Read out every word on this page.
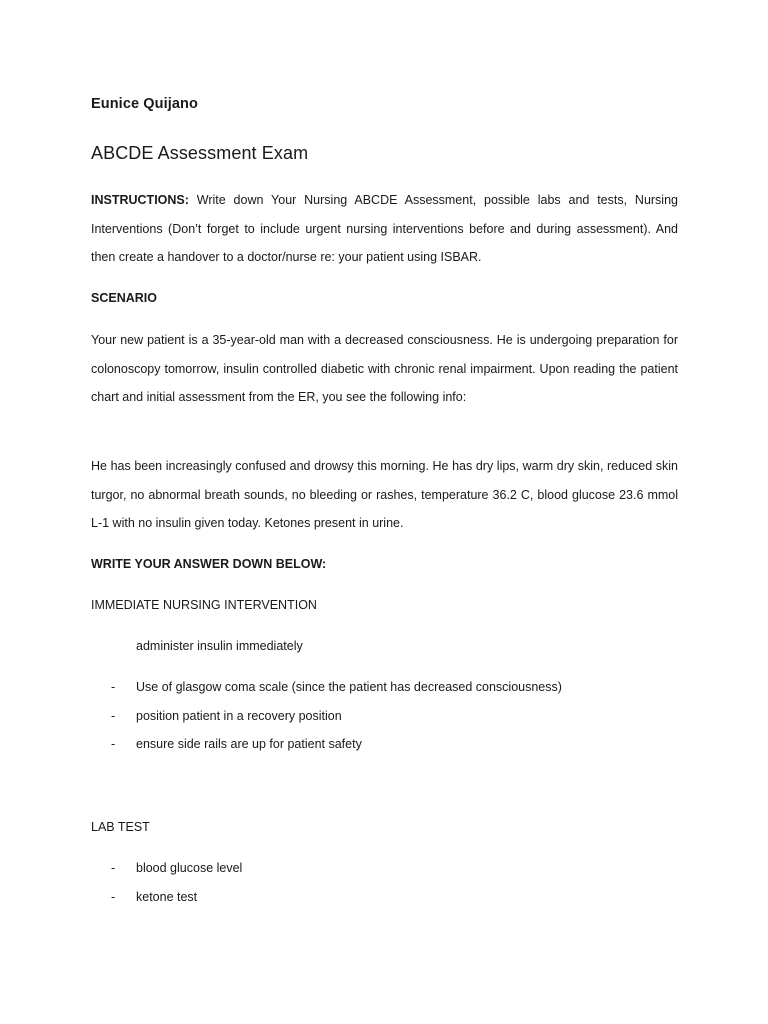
Eunice Quijano
ABCDE Assessment Exam
INSTRUCTIONS: Write down Your Nursing ABCDE Assessment, possible labs and tests, Nursing Interventions (Don’t forget to include urgent nursing interventions before and during assessment). And then create a handover to a doctor/nurse re: your patient using ISBAR.
SCENARIO
Your new patient is a 35-year-old man with a decreased consciousness. He is undergoing preparation for colonoscopy tomorrow, insulin controlled diabetic with chronic renal impairment. Upon reading the patient chart and initial assessment from the ER, you see the following info:
He has been increasingly confused and drowsy this morning. He has dry lips, warm dry skin, reduced skin turgor, no abnormal breath sounds, no bleeding or rashes, temperature 36.2 C, blood glucose 23.6 mmol L-1 with no insulin given today. Ketones present in urine.
WRITE YOUR ANSWER DOWN BELOW:
IMMEDIATE NURSING INTERVENTION
administer insulin immediately
- Use of glasgow coma scale (since the patient has decreased consciousness)
- position patient in a recovery position
- ensure side rails are up for patient safety
LAB TEST
- blood glucose level
- ketone test
